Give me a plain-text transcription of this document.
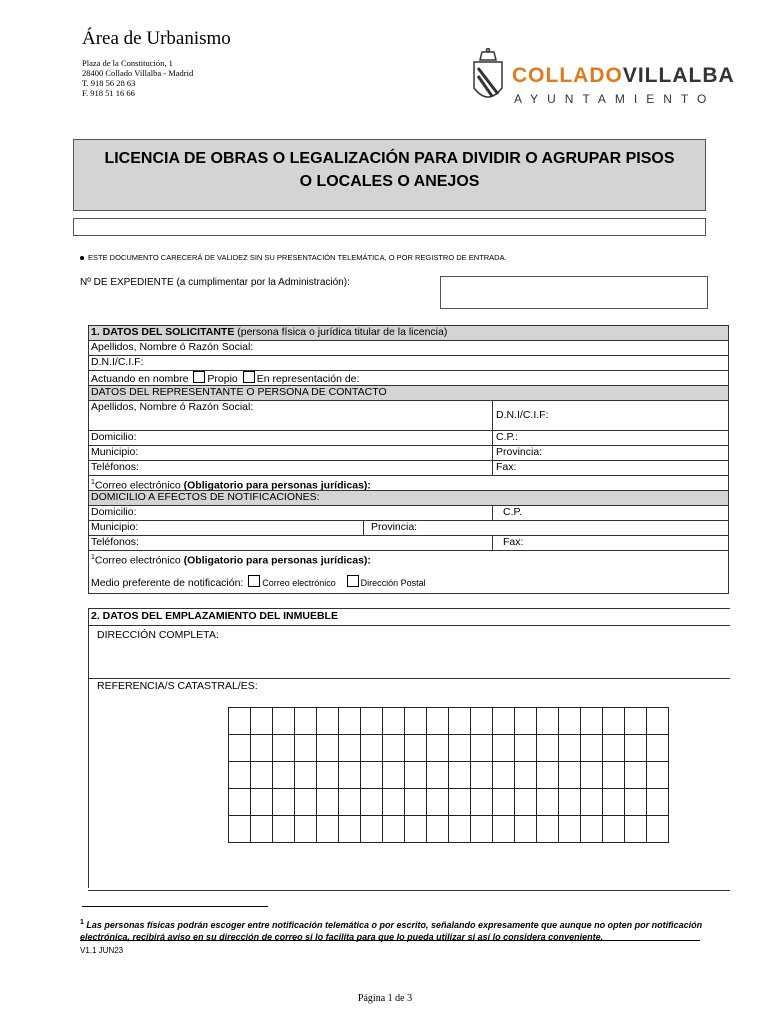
Área de Urbanismo
Plaza de la Constitución, 1
28400 Collado Villalba - Madrid
T. 918 56 28 63
F. 918 51 16 66
COLLADOVILLALBA
AYUNTAMIENTO
LICENCIA DE OBRAS O LEGALIZACIÓN PARA DIVIDIR O AGRUPAR PISOS
O LOCALES O ANEJOS
ESTE DOCUMENTO CARECERÁ DE VALIDEZ SIN SU PRESENTACIÓN TELEMÁTICA, O POR REGISTRO DE ENTRADA.
Nº DE EXPEDIENTE (a cumplimentar por la Administración):
1. DATOS DEL SOLICITANTE (persona física o jurídica titular de la licencia)
Apellidos, Nombre ó Razón Social:
D.N.I/C.I.F:
Actuando en nombre Propio En representación de:
DATOS DEL REPRESENTANTE O PERSONA DE CONTACTO
Apellidos, Nombre ó Razón Social:
D.N.I/C.I.F:
Domicilio:	C.P.:
Municipio:	Provincia:
Teléfonos:	Fax:
$^1$Correo electrónico (Obligatorio para personas jurídicas):
DOMICILIO A EFECTOS DE NOTIFICACIONES:
Domicilio:	C.P.
Municipio:	Provincia:
Teléfonos:	Fax:
$^1$Correo electrónico (Obligatorio para personas jurídicas):
Medio preferente de notificación: Correo electrónico	Dirección Postal
2. DATOS DEL EMPLAZAMIENTO DEL INMUEBLE
DIRECCIÓN COMPLETA:
REFERENCIA/S CATASTRAL/ES:

$^1$ Las personas físicas podrán escoger entre notificación telemática o por escrito, señalando expresamente que aunque no opten por notificación electrónica, recibirá aviso en su dirección de correo si lo facilita para que lo pueda utilizar si así lo considera conveniente.
V1.1 JUN23
Página 1 de 3
